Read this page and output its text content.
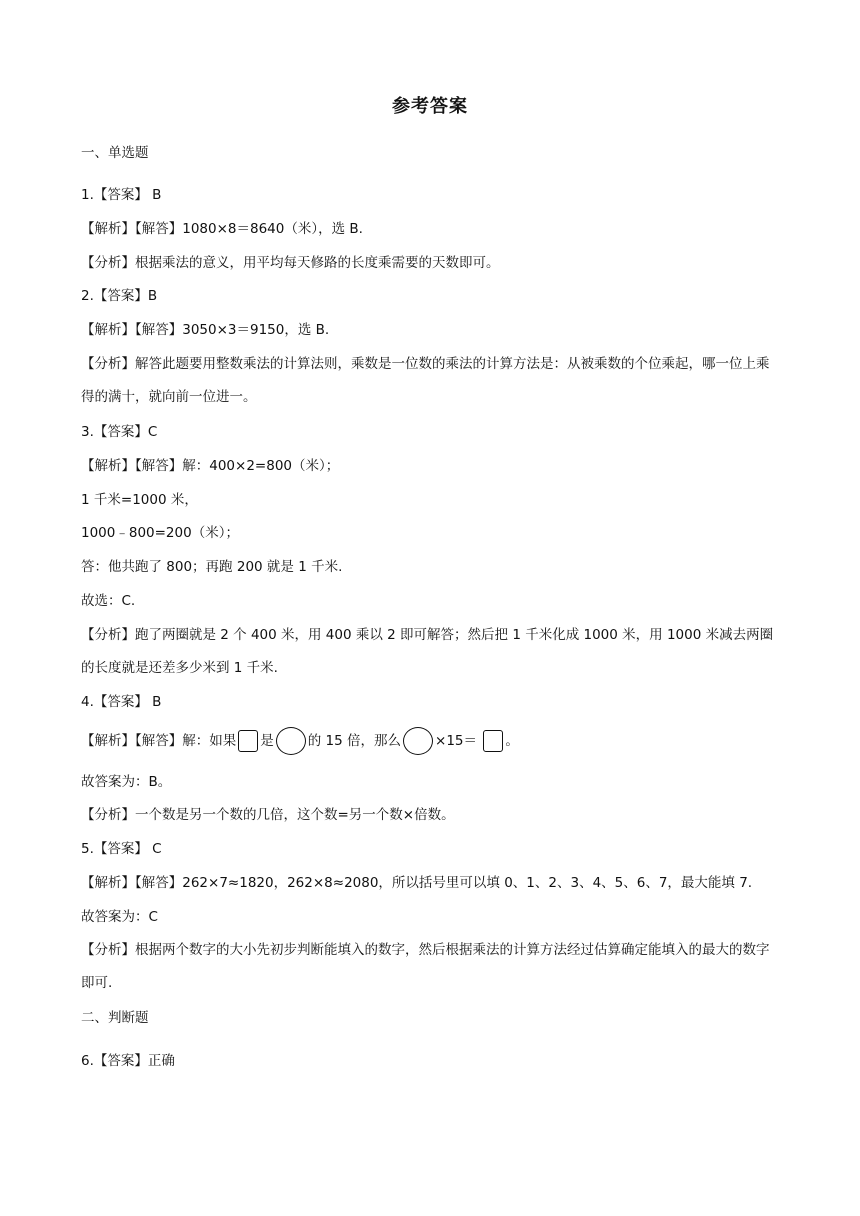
参考答案
一、单选题
1.【答案】 B
【解析】【解答】1080×8＝8640（米），选 B.
【分析】根据乘法的意义，用平均每天修路的长度乘需要的天数即可。
2.【答案】B
【解析】【解答】3050×3＝9150，选 B.
【分析】解答此题要用整数乘法的计算法则，乘数是一位数的乘法的计算方法是：从被乘数的个位乘起，哪一位上乘得的满十，就向前一位进一。
3.【答案】C
【解析】【解答】解：400×2=800（米）；
1 千米=1000 米，
1000﹣800=200（米）；
答：他共跑了 800；再跑 200 就是 1 千米.
故选：C.
【分析】跑了两圈就是 2 个 400 米，用 400 乘以 2 即可解答；然后把 1 千米化成 1000 米，用 1000 米减去两圈的长度就是还差多少米到 1 千米.
4.【答案】 B
【解析】【解答】解：如果 是	的 15 倍，那么	×15＝ 。
故答案为：B。
【分析】一个数是另一个数的几倍，这个数=另一个数×倍数。
5.【答案】 C
【解析】【解答】262×7≈1820，262×8≈2080，所以括号里可以填 0、1、2、3、4、5、6、7，最大能填 7.
故答案为：C
【分析】根据两个数字的大小先初步判断能填入的数字，然后根据乘法的计算方法经过估算确定能填入的最大的数字即可.
二、判断题
6.【答案】正确
